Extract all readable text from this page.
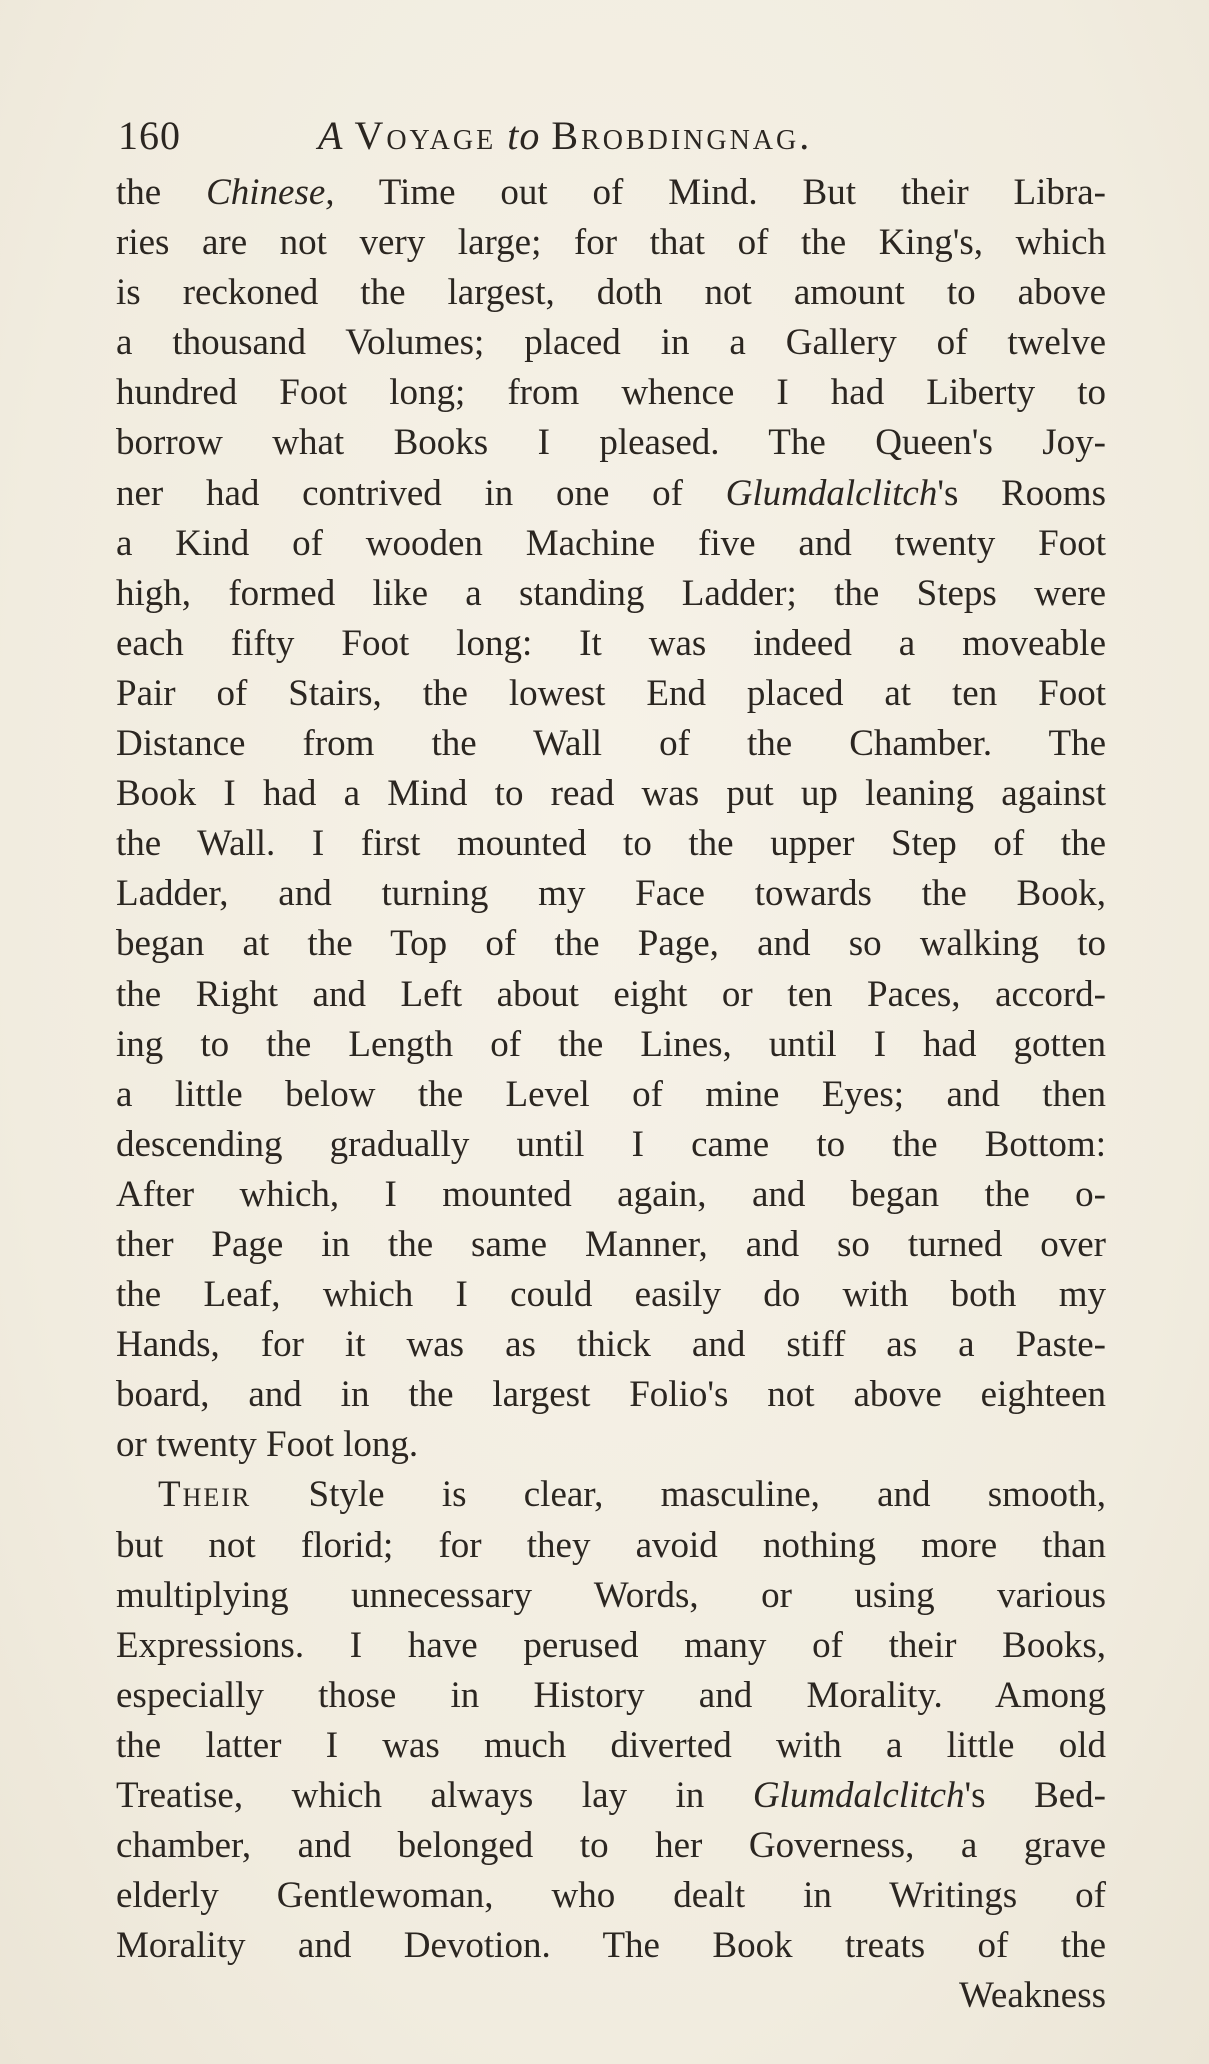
160	A Voyage to Brobdingnag.
the Chinese, Time out of Mind. But their Libra-
ries are not very large; for that of the King's, which
is reckoned the largest, doth not amount to above
a thousand Volumes; placed in a Gallery of twelve
hundred Foot long; from whence I had Liberty to
borrow what Books I pleased. The Queen's Joy-
ner had contrived in one of Glumdalclitch's Rooms
a Kind of wooden Machine five and twenty Foot
high, formed like a standing Ladder; the Steps were
each fifty Foot long: It was indeed a moveable
Pair of Stairs, the lowest End placed at ten Foot
Distance from the Wall of the Chamber. The
Book I had a Mind to read was put up leaning against
the Wall. I first mounted to the upper Step of the
Ladder, and turning my Face towards the Book,
began at the Top of the Page, and so walking to
the Right and Left about eight or ten Paces, accord-
ing to the Length of the Lines, until I had gotten
a little below the Level of mine Eyes; and then
descending gradually until I came to the Bottom:
After which, I mounted again, and began the o-
ther Page in the same Manner, and so turned over
the Leaf, which I could easily do with both my
Hands, for it was as thick and stiff as a Paste-
board, and in the largest Folio's not above eighteen
or twenty Foot long.
Their Style is clear, masculine, and smooth,
but not florid; for they avoid nothing more than
multiplying unnecessary Words, or using various
Expressions. I have perused many of their Books,
especially those in History and Morality. Among
the latter I was much diverted with a little old
Treatise, which always lay in Glumdalclitch's Bed-
chamber, and belonged to her Governess, a grave
elderly Gentlewoman, who dealt in Writings of
Morality and Devotion. The Book treats of the
Weakness
